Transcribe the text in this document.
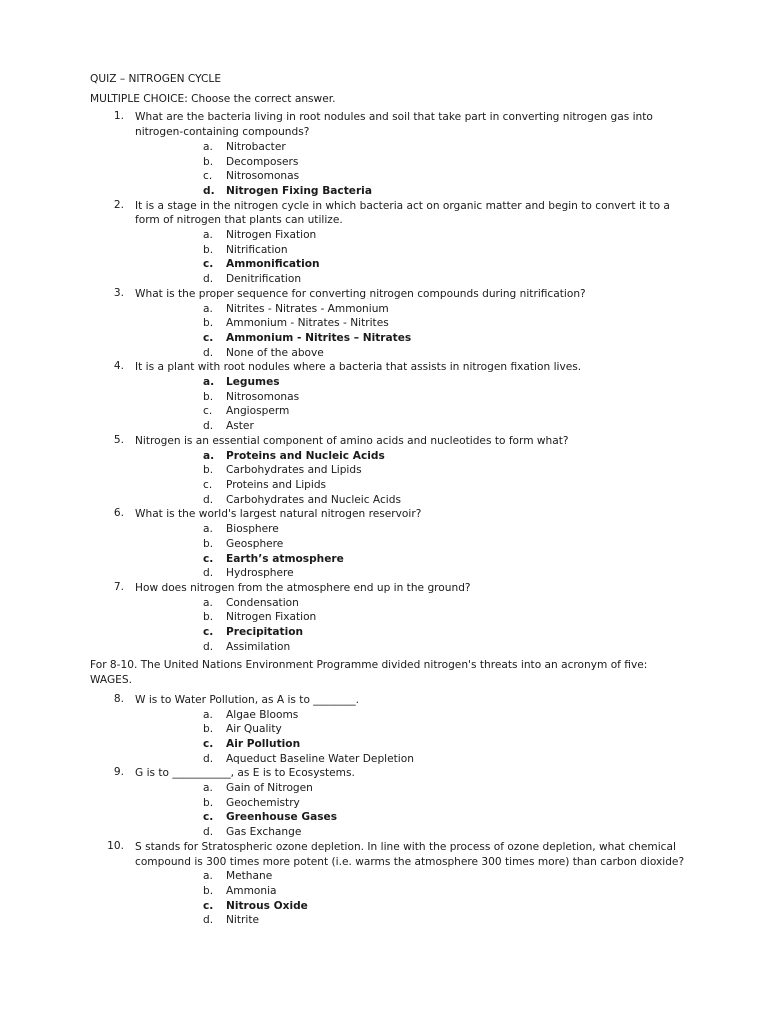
QUIZ – NITROGEN CYCLE
MULTIPLE CHOICE: Choose the correct answer.
1. What are the bacteria living in root nodules and soil that take part in converting nitrogen gas into nitrogen-containing compounds?
a. Nitrobacter
b. Decomposers
c. Nitrosomonas
d. Nitrogen Fixing Bacteria
2. It is a stage in the nitrogen cycle in which bacteria act on organic matter and begin to convert it to a form of nitrogen that plants can utilize.
a. Nitrogen Fixation
b. Nitrification
c. Ammonification
d. Denitrification
3. What is the proper sequence for converting nitrogen compounds during nitrification?
a. Nitrites - Nitrates - Ammonium
b. Ammonium - Nitrates - Nitrites
c. Ammonium - Nitrites – Nitrates
d. None of the above
4. It is a plant with root nodules where a bacteria that assists in nitrogen fixation lives.
a. Legumes
b. Nitrosomonas
c. Angiosperm
d. Aster
5. Nitrogen is an essential component of amino acids and nucleotides to form what?
a. Proteins and Nucleic Acids
b. Carbohydrates and Lipids
c. Proteins and Lipids
d. Carbohydrates and Nucleic Acids
6. What is the world's largest natural nitrogen reservoir?
a. Biosphere
b. Geosphere
c. Earth’s atmosphere
d. Hydrosphere
7. How does nitrogen from the atmosphere end up in the ground?
a. Condensation
b. Nitrogen Fixation
c. Precipitation
d. Assimilation
For 8-10. The United Nations Environment Programme divided nitrogen's threats into an acronym of five: WAGES.
8. W is to Water Pollution, as A is to ________.
a. Algae Blooms
b. Air Quality
c. Air Pollution
d. Aqueduct Baseline Water Depletion
9. G is to ___________, as E is to Ecosystems.
a. Gain of Nitrogen
b. Geochemistry
c. Greenhouse Gases
d. Gas Exchange
10. S stands for Stratospheric ozone depletion. In line with the process of ozone depletion, what chemical compound is 300 times more potent (i.e. warms the atmosphere 300 times more) than carbon dioxide?
a. Methane
b. Ammonia
c. Nitrous Oxide
d. Nitrite
